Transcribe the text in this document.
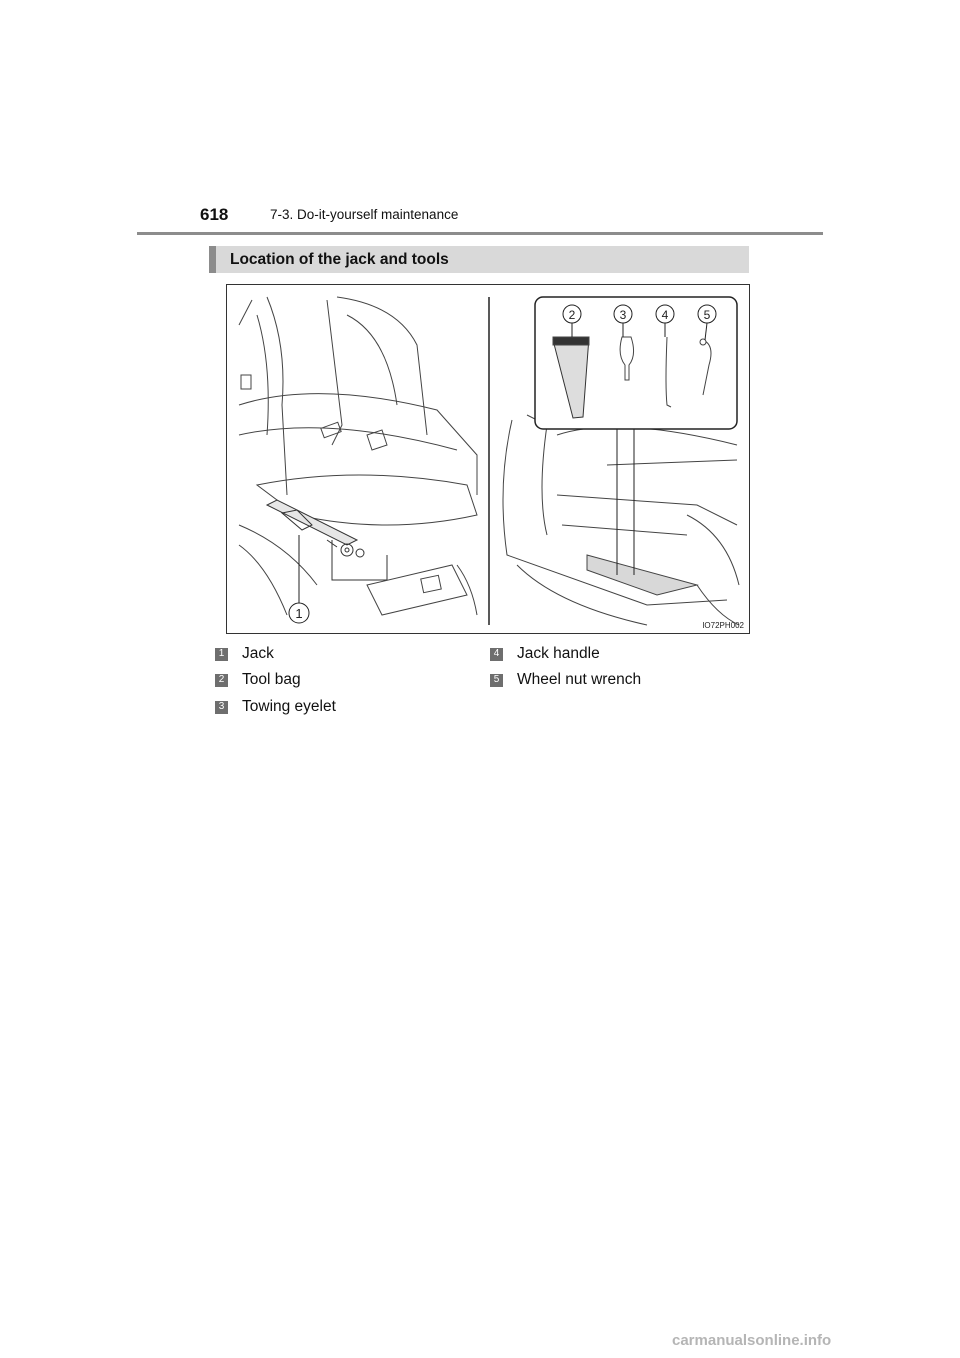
618	7-3. Do-it-yourself maintenance
Location of the jack and tools
1
2	3	4	5
IO72PH002
1 Jack
2 Tool bag
3 Towing eyelet
4 Jack handle
5 Wheel nut wrench
carmanualsonline.info
